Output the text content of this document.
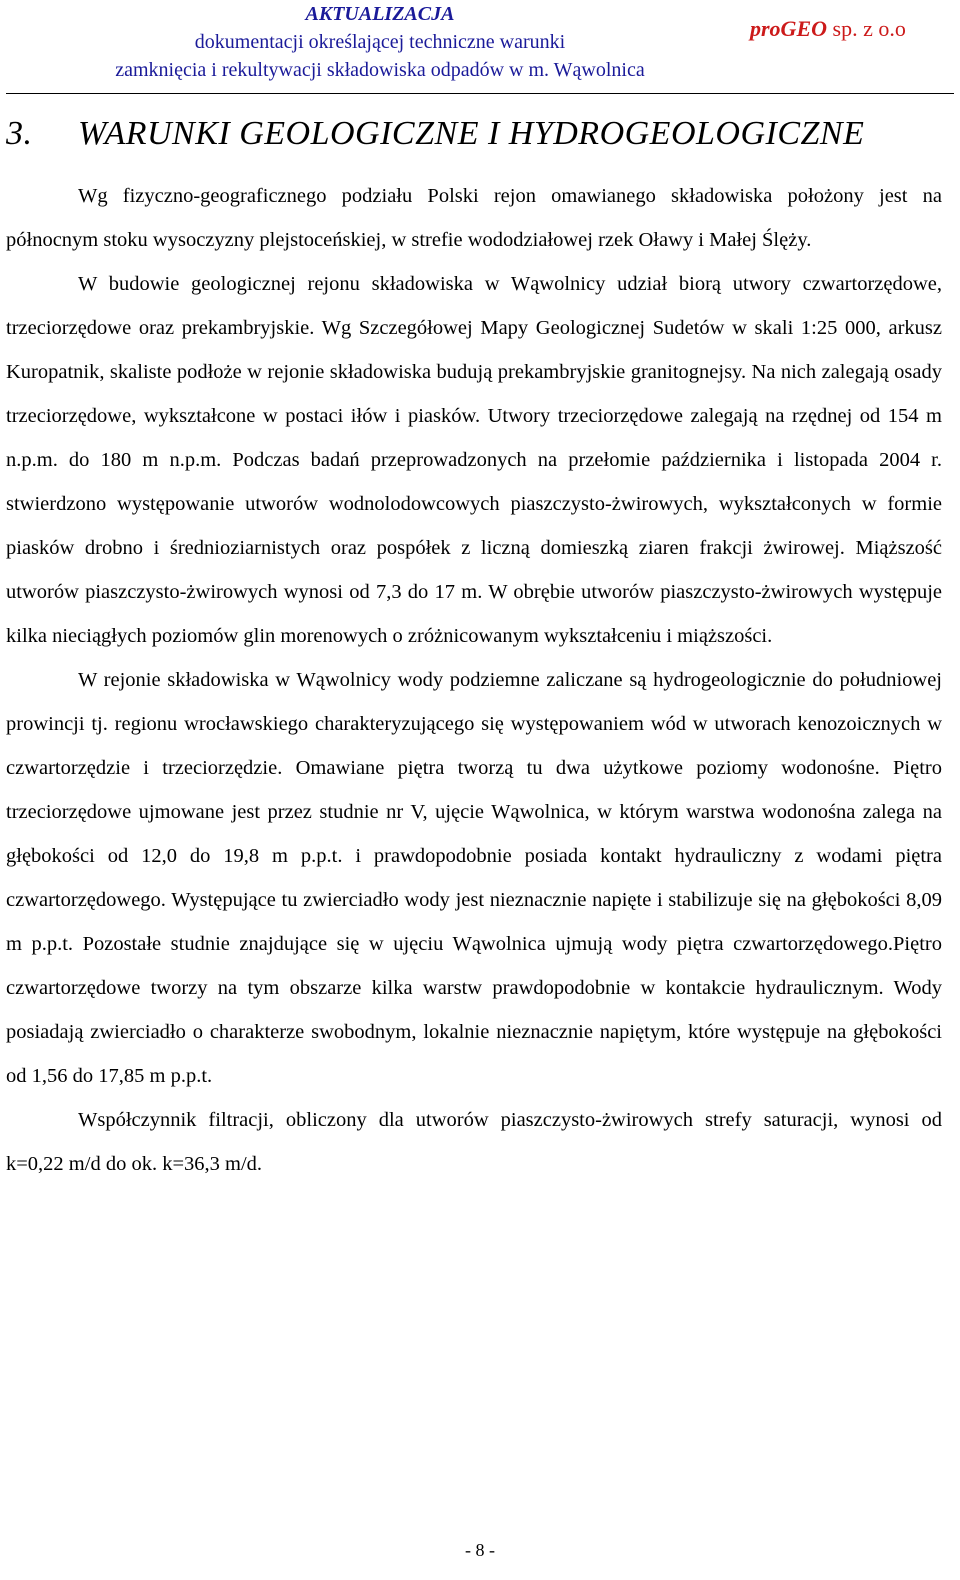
AKTUALIZACJA
dokumentacji określającej techniczne warunki
zamknięcia i rekultywacji składowiska odpadów w m. Wąwolnica
proGEO sp. z o.o
3. WARUNKI GEOLOGICZNE I HYDROGEOLOGICZNE

Wg fizyczno-geograficznego podziału Polski rejon omawianego składowiska położony jest na północnym stoku wysoczyzny plejstoceńskiej, w strefie wododziałowej rzek Oławy i Małej Ślęży.

W budowie geologicznej rejonu składowiska w Wąwolnicy udział biorą utwory czwartorzędowe, trzeciorzędowe oraz prekambryjskie. Wg Szczegółowej Mapy Geologicznej Sudetów w skali 1:25 000, arkusz Kuropatnik, skaliste podłoże w rejonie składowiska budują prekambryjskie granitognejsy. Na nich zalegają osady trzeciorzędowe, wykształcone w postaci iłów i piasków. Utwory trzeciorzędowe zalegają na rzędnej od 154 m n.p.m. do 180 m n.p.m. Podczas badań przeprowadzonych na przełomie października i listopada 2004 r. stwierdzono występowanie utworów wodnolodowcowych piaszczysto-żwirowych, wykształconych w formie piasków drobno i średnioziarnistych oraz pospółek z liczną domieszką ziaren frakcji żwirowej. Miąższość utworów piaszczysto-żwirowych wynosi od 7,3 do 17 m. W obrębie utworów piaszczysto-żwirowych występuje kilka nieciągłych poziomów glin morenowych o zróżnicowanym wykształceniu i miąższości.

W rejonie składowiska w Wąwolnicy wody podziemne zaliczane są hydrogeologicznie do południowej prowincji tj. regionu wrocławskiego charakteryzującego się występowaniem wód w utworach kenozoicznych w czwartorzędzie i trzeciorzędzie. Omawiane piętra tworzą tu dwa użytkowe poziomy wodonośne. Piętro trzeciorzędowe ujmowane jest przez studnie nr V, ujęcie Wąwolnica, w którym warstwa wodonośna zalega na głębokości od 12,0 do 19,8 m p.p.t. i prawdopodobnie posiada kontakt hydrauliczny z wodami piętra czwartorzędowego. Występujące tu zwierciadło wody jest nieznacznie napięte i stabilizuje się na głębokości 8,09 m p.p.t. Pozostałe studnie znajdujące się w ujęciu Wąwolnica ujmują wody piętra czwartorzędowego.Piętro czwartorzędowe tworzy na tym obszarze kilka warstw prawdopodobnie w kontakcie hydraulicznym. Wody posiadają zwierciadło o charakterze swobodnym, lokalnie nieznacznie napiętym, które występuje na głębokości od 1,56 do 17,85 m p.p.t.

Współczynnik filtracji, obliczony dla utworów piaszczysto-żwirowych strefy saturacji, wynosi od k=0,22 m/d do ok. k=36,3 m/d.

- 8 -
